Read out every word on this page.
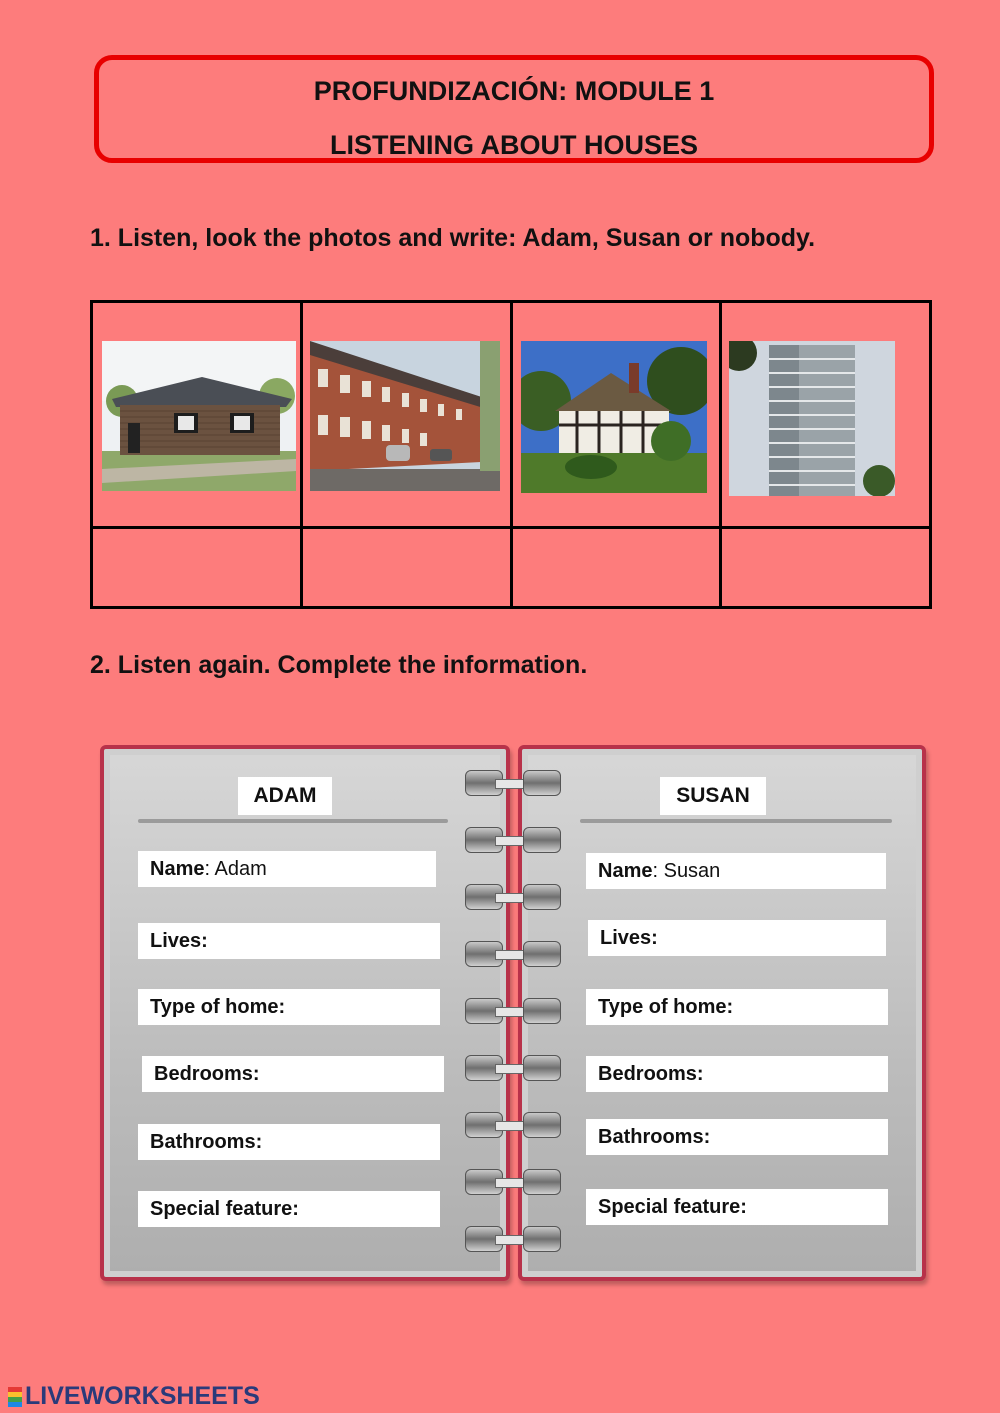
PROFUNDIZACIÓN: MODULE 1
LISTENING ABOUT HOUSES
1. Listen, look the photos and write: Adam, Susan or nobody.

2. Listen again. Complete the information.
ADAM
Name: Adam
Lives:
Type of home:
Bedrooms:
Bathrooms:
Special feature:
SUSAN
Name: Susan
Lives:
Type of home:
Bedrooms:
Bathrooms:
Special feature:
LIVEWORKSHEETS
